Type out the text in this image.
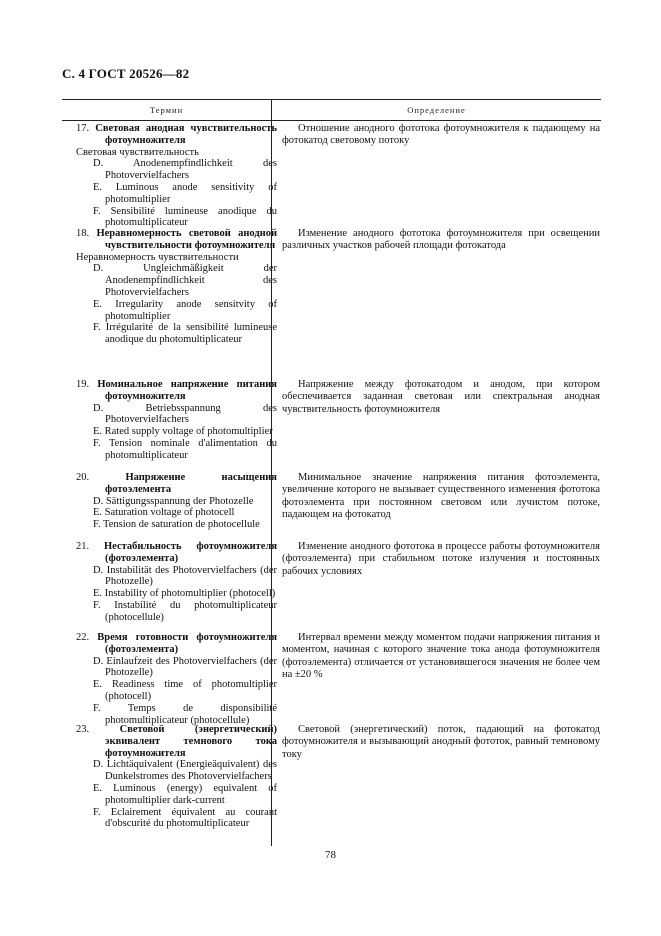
С. 4 ГОСТ 20526—82
Термин	Определение
17. Световая анодная чувствительность фотоумножителя
Световая чувствительность
D. Anodenempfindlichkeit des Photovervielfachers
E. Luminous anode sensitivity of photomultiplier
F. Sensibilité lumineuse anodique du photomultiplicateur
Отношение анодного фототока фотоумножителя к падающему на фотокатод световому потоку
18. Неравномерность световой анодной чувствительности фотоумножителя
Неравномерность чувствительности
D. Ungleichmäßigkeit der Anodenempfindlichkeit des Photovervielfachers
E. Irregularity anode sensitvity of photomultiplier
F. Irrégularité de la sensibilité lumineuse anodique du photomultiplicateur
Изменение анодного фототока фотоумножителя при освещении различных участков рабочей площади фотокатода
19. Номинальное напряжение питания фотоумножителя
D. Betriebsspannung des Photovervielfachers
E. Rated supply voltage of photomultiplier
F. Tension nominale d'alimentation du photomultiplicateur
Напряжение между фотокатодом и анодом, при котором обеспечивается заданная световая или спектральная анодная чувствительность фотоумножителя
20.	Напряжение насыщения фотоэлемента
D. Sättigungsspannung der Photozelle
E. Saturation voltage of photocell
F. Tension de saturation de photocellule
Минимальное значение напряжения питания фотоэлемента, увеличение которого не вызывает существенного изменения фототока фотоэлемента при постоянном световом или лучистом потоке, падающем на фотокатод
21. Нестабильность фотоумножителя (фотоэлемента)
D. Instabilität des Photovervielfachers (der Photozelle)
E. Instability of photomultiplier (photocell)
F. Instabilité du photomultiplicateur (photocellule)
Изменение анодного фототока в процессе работы фотоумножителя (фотоэлемента) при стабильном потоке излучения и постоянных рабочих условиях
22. Время готовности фотоумножителя (фотоэлемента)
D. Einlaufzeit des Photovervielfachers (der Photozelle)
E. Readiness time of photomultiplier (photocell)
F. Temps de disponsibilité photomultiplicateur (photocellule)
Интервал времени между моментом подачи напряжения питания и моментом, начиная с которого значение тока анода фотоумножителя (фотоэлемента) отличается от установившегося значения не более чем на ±20 %
23.	Световой (энергетический) эквивалент темнового тока фотоумножителя
D. Lichtäquivalent (Energieäquivalent) des Dunkelstromes des Photovervielfachers
E. Luminous (energy) equivalent of photomultiplier dark-current
F. Eclairement équivalent au courant d'obscurité du photomultiplicateur
Световой (энергетический) поток, падающий на фотокатод фотоумножителя и вызывающий анодный фототок, равный темновому току
78
